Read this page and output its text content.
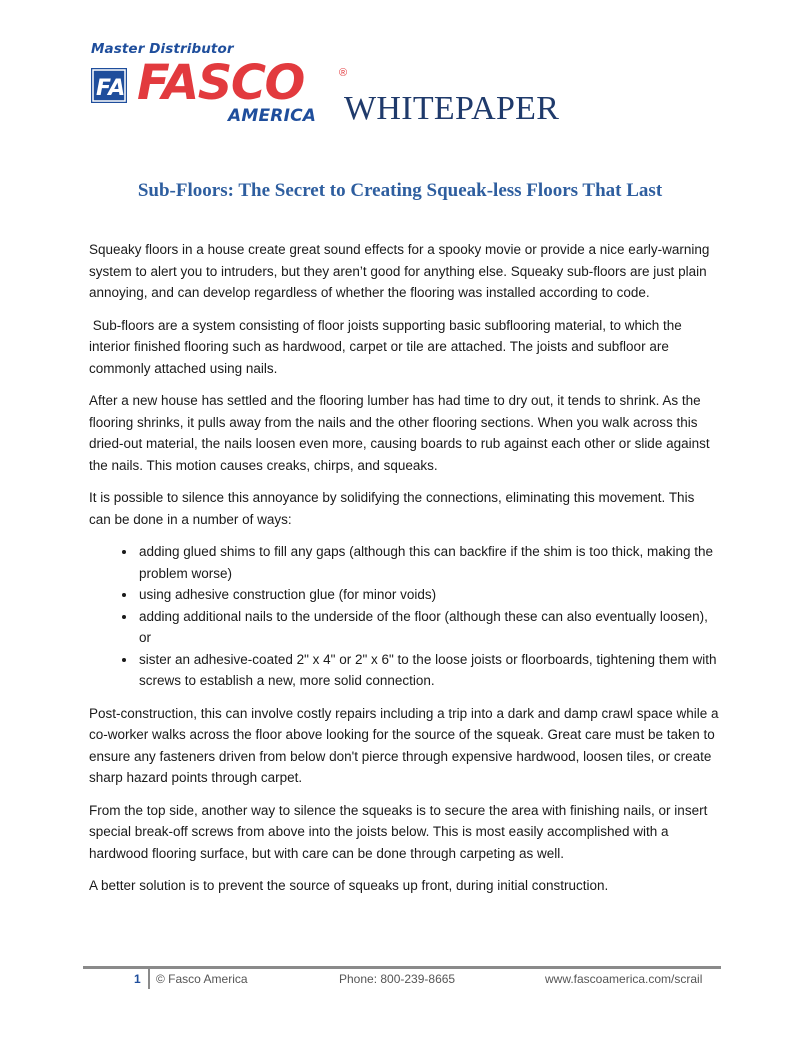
Master Distributor
FA FASCO	®
AMERICA WHITEPAPER
Sub-Floors: The Secret to Creating Squeak-less Floors That Last

Squeaky floors in a house create great sound effects for a spooky movie or provide a nice early-warning system to alert you to intruders, but they aren’t good for anything else. Squeaky sub-floors are just plain annoying, and can develop regardless of whether the flooring was installed according to code.

Sub-floors are a system consisting of floor joists supporting basic subflooring material, to which the interior finished flooring such as hardwood, carpet or tile are attached. The joists and subfloor are commonly attached using nails.

After a new house has settled and the flooring lumber has had time to dry out, it tends to shrink. As the flooring shrinks, it pulls away from the nails and the other flooring sections. When you walk across this dried-out material, the nails loosen even more, causing boards to rub against each other or slide against the nails. This motion causes creaks, chirps, and squeaks.

It is possible to silence this annoyance by solidifying the connections, eliminating this movement. This can be done in a number of ways:

• adding glued shims to fill any gaps (although this can backfire if the shim is too thick, making the problem worse)
• using adhesive construction glue (for minor voids)
• adding additional nails to the underside of the floor (although these can also eventually loosen), or
• sister an adhesive-coated 2" x 4" or 2" x 6" to the loose joists or floorboards, tightening them with screws to establish a new, more solid connection.

Post-construction, this can involve costly repairs including a trip into a dark and damp crawl space while a co-worker walks across the floor above looking for the source of the squeak. Great care must be taken to ensure any fasteners driven from below don't pierce through expensive hardwood, loosen tiles, or create sharp hazard points through carpet.

From the top side, another way to silence the squeaks is to secure the area with finishing nails, or insert special break-off screws from above into the joists below. This is most easily accomplished with a hardwood flooring surface, but with care can be done through carpeting as well.

A better solution is to prevent the source of squeaks up front, during initial construction.

1 © Fasco America	Phone: 800-239-8665	www.fascoamerica.com/scrail
